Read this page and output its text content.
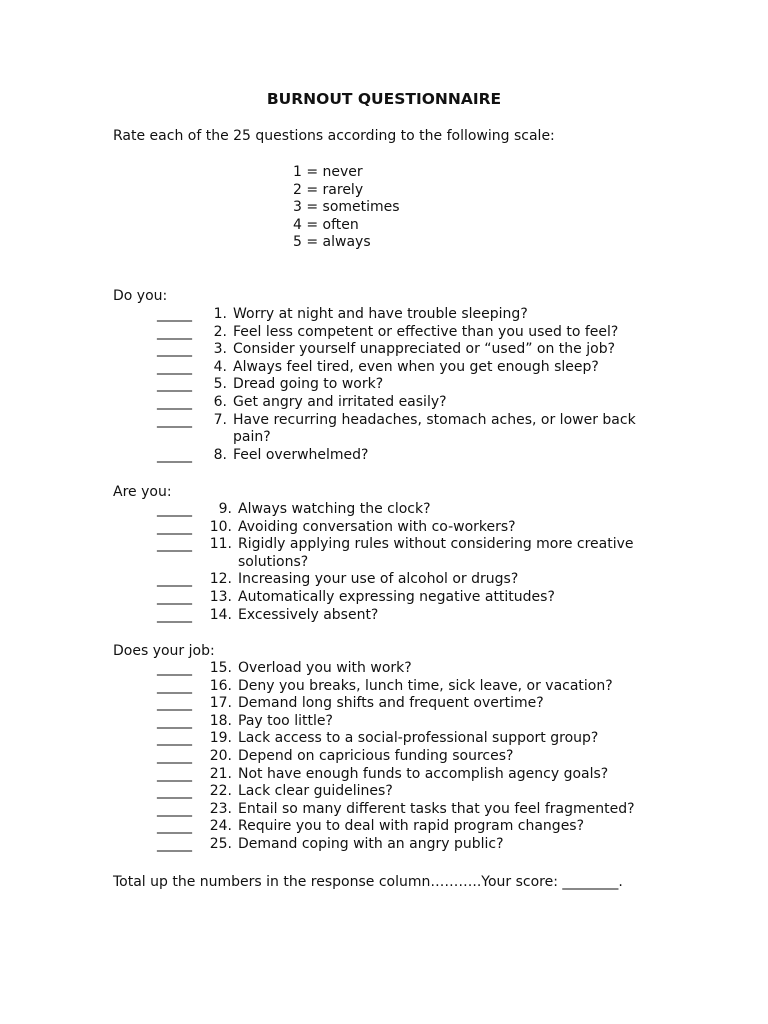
BURNOUT QUESTIONNAIRE
Rate each of the 25 questions according to the following scale:
1 = never
2 = rarely
3 = sometimes
4 = often
5 = always
Do you:
_____	1. Worry at night and have trouble sleeping?
_____	2. Feel less competent or effective than you used to feel?
_____	3. Consider yourself unappreciated or “used” on the job?
_____	4. Always feel tired, even when you get enough sleep?
_____	5. Dread going to work?
_____	6. Get angry and irritated easily?
_____	7. Have recurring headaches, stomach aches, or lower back pain?
_____	8. Feel overwhelmed?
Are you:
_____	9. Always watching the clock?
_____	10. Avoiding conversation with co-workers?
_____	11. Rigidly applying rules without considering more creative solutions?
_____	12. Increasing your use of alcohol or drugs?
_____	13. Automatically expressing negative attitudes?
_____	14. Excessively absent?
Does your job:
_____	15. Overload you with work?
_____	16. Deny you breaks, lunch time, sick leave, or vacation?
_____	17. Demand long shifts and frequent overtime?
_____	18. Pay too little?
_____	19. Lack access to a social-professional support group?
_____	20. Depend on capricious funding sources?
_____	21. Not have enough funds to accomplish agency goals?
_____	22. Lack clear guidelines?
_____	23. Entail so many different tasks that you feel fragmented?
_____	24. Require you to deal with rapid program changes?
_____	25. Demand coping with an angry public?
Total up the numbers in the response column………..Your score: ________.
